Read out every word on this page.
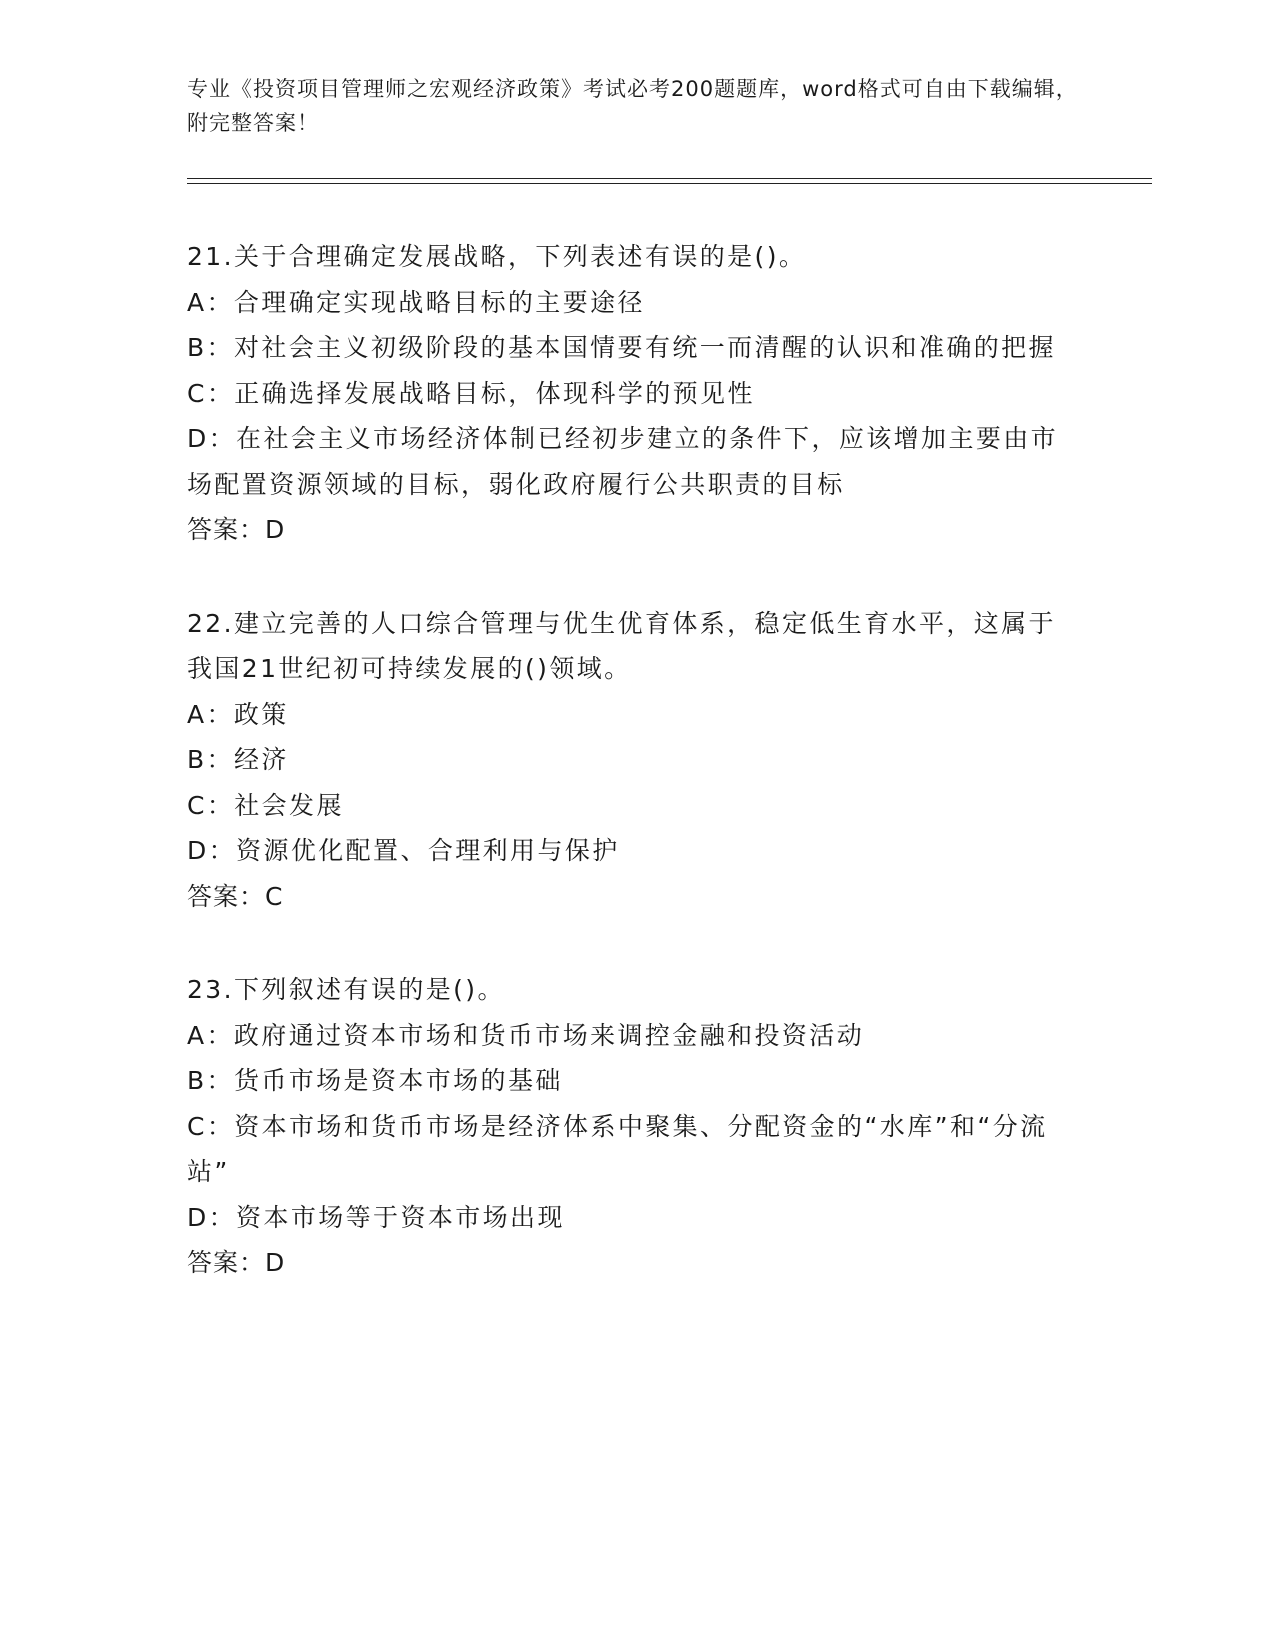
专业《投资项目管理师之宏观经济政策》考试必考200题题库，word格式可自由下载编辑，附完整答案！
21.关于合理确定发展战略，下列表述有误的是()。
A：合理确定实现战略目标的主要途径
B：对社会主义初级阶段的基本国情要有统一而清醒的认识和准确的把握
C：正确选择发展战略目标，体现科学的预见性
D：在社会主义市场经济体制已经初步建立的条件下，应该增加主要由市场配置资源领域的目标，弱化政府履行公共职责的目标
答案：D
22.建立完善的人口综合管理与优生优育体系，稳定低生育水平，这属于我国21世纪初可持续发展的()领域。
A：政策
B：经济
C：社会发展
D：资源优化配置、合理利用与保护
答案：C
23.下列叙述有误的是()。
A：政府通过资本市场和货币市场来调控金融和投资活动
B：货币市场是资本市场的基础
C：资本市场和货币市场是经济体系中聚集、分配资金的“水库”和“分流站”
D：资本市场等于资本市场出现
答案：D
